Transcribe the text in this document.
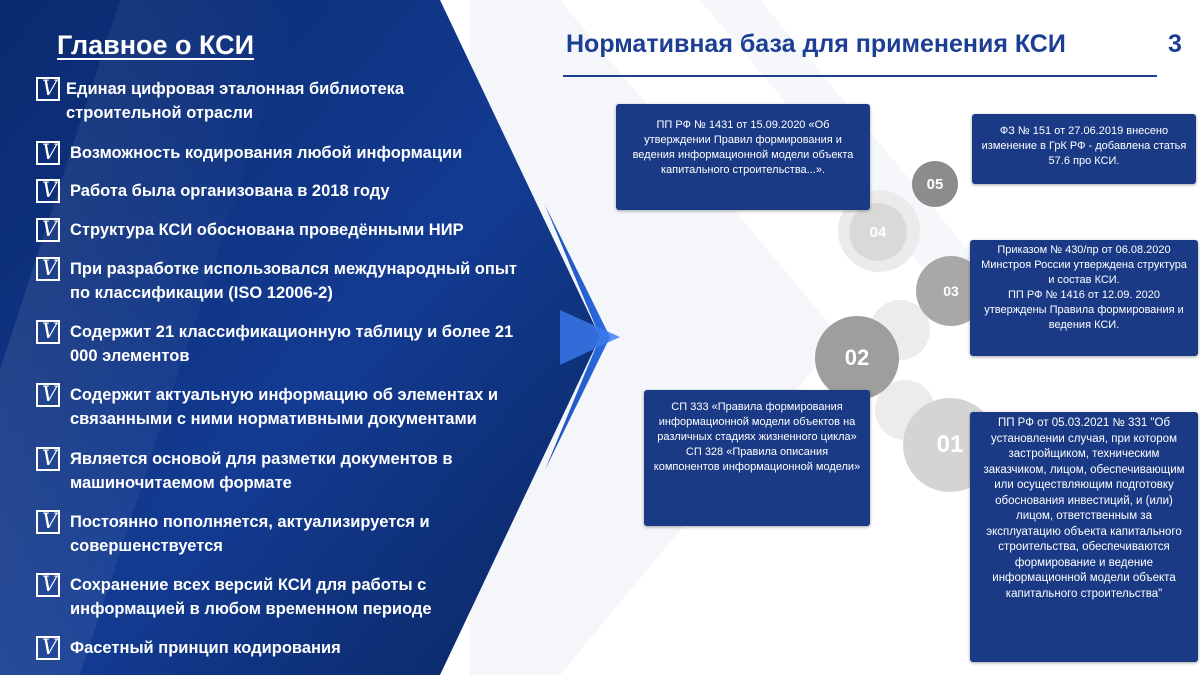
Главное о КСИ
V Единая цифровая эталонная библиотека строительной отрасли
V Возможность кодирования любой информации
V Работа была организована в 2018 году
V Структура КСИ обоснована проведёнными НИР
V При разработке использовался международный опыт по классификации (ISO 12006-2)
V Содержит 21 классификационную таблицу и более 21 000 элементов
V Содержит актуальную информацию об элементах и связанными с ними нормативными документами
V Является основой для разметки документов в машиночитаемом формате
V Постоянно пополняется, актуализируется и совершенствуется
V Сохранение всех версий КСИ для работы с информацией в любом временном периоде
V Фасетный принцип кодирования
Нормативная база для применения КСИ	3
05
04
03
02
01

ПП РФ № 1431 от 15.09.2020 «Об утверждении Правил формирования и ведения информационной модели объекта капитального строительства...».

ФЗ № 151 от 27.06.2019 внесено изменение в ГрК РФ - добавлена статья 57.6 про КСИ.

Приказом № 430/пр от 06.08.2020 Минстроя России утверждена структура и состав КСИ.

ПП РФ № 1416 от 12.09. 2020 утверждены Правила формирования и ведения КСИ.

СП 333 «Правила формирования информационной модели объектов на различных стадиях жизненного цикла»

СП 328 «Правила описания компонентов информационной модели»

ПП РФ от 05.03.2021 № 331 "Об установлении случая, при котором застройщиком, техническим заказчиком, лицом, обеспечивающим или осуществляющим подготовку обоснования инвестиций, и (или) лицом, ответственным за эксплуатацию объекта капитального строительства, обеспечиваются формирование и ведение информационной модели объекта капитального строительства"
